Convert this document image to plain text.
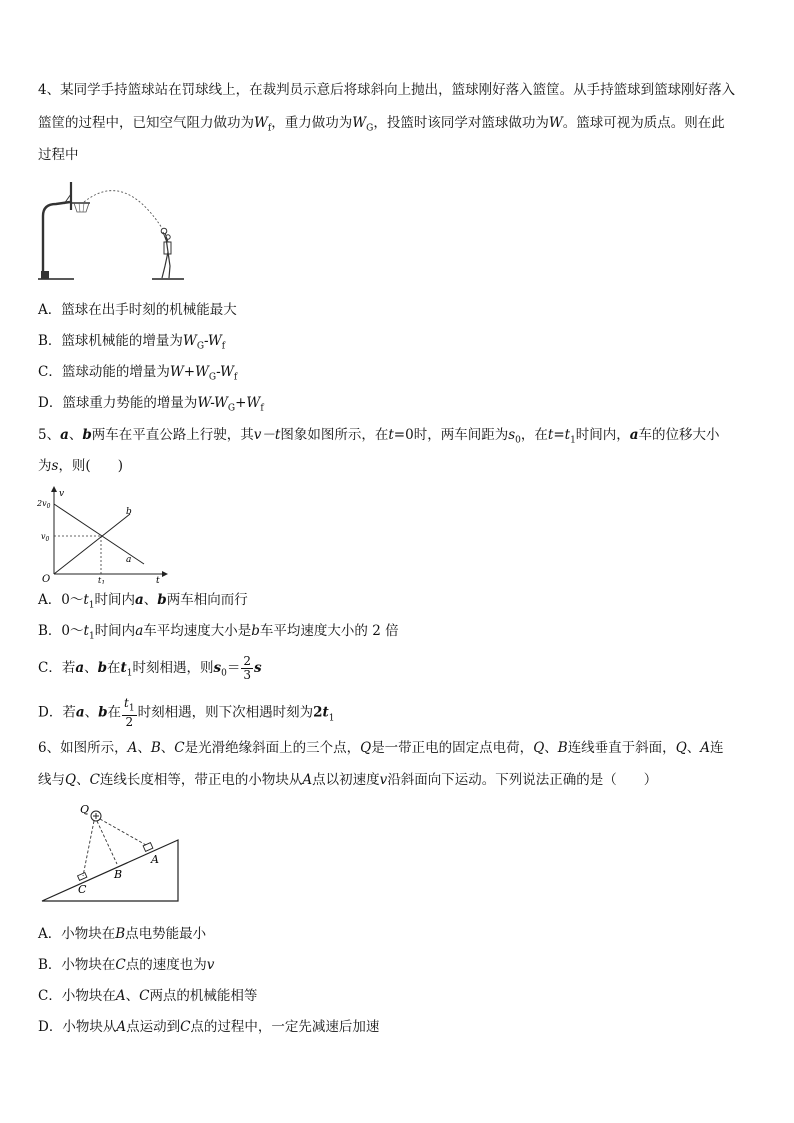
4、某同学手持篮球站在罚球线上，在裁判员示意后将球斜向上抛出，篮球刚好落入篮筐。从手持篮球到篮球刚好落入
篮筐的过程中，已知空气阻力做功为$W_f$，重力做功为$W_G$，投篮时该同学对篮球做功为W。篮球可视为质点。则在此
过程中
A．篮球在出手时刻的机械能最大
B．篮球机械能的增量为$W_G-W_f$
C．篮球动能的增量为$W+W_G-W_f$
D．篮球重力势能的增量为$W-W_G+W_f$
5、a、b两车在平直公路上行驶，其v－t图象如图所示，在t=0时，两车间距为$s_0$，在$t=t_1$时间内，a车的位移大小
为s，则(　　)
v
t
O
$2v_0$
$v_0$
$t_1$
a
b
A．$0\sim t_1$时间内a、b两车相向而行
B．$0\sim t_1$时间内a车平均速度大小是b车平均速度大小的 2 倍
C．若a、b在$t_1$时刻相遇，则$s_0= \frac{2}{3}$ s
D．若a、b在 $\frac{t_1}{2}$ 时刻相遇，则下次相遇时刻为$2t_1$
6、如图所示，A、B、C是光滑绝缘斜面上的三个点，Q是一带正电的固定点电荷，Q、B连线垂直于斜面，Q、A连
线与Q、C连线长度相等，带正电的小物块从A点以初速度v沿斜面向下运动。下列说法正确的是（　　）
Q
C
B
A
A．小物块在B点电势能最小
B．小物块在C点的速度也为v
C．小物块在A、C两点的机械能相等
D．小物块从A点运动到C点的过程中，一定先减速后加速
